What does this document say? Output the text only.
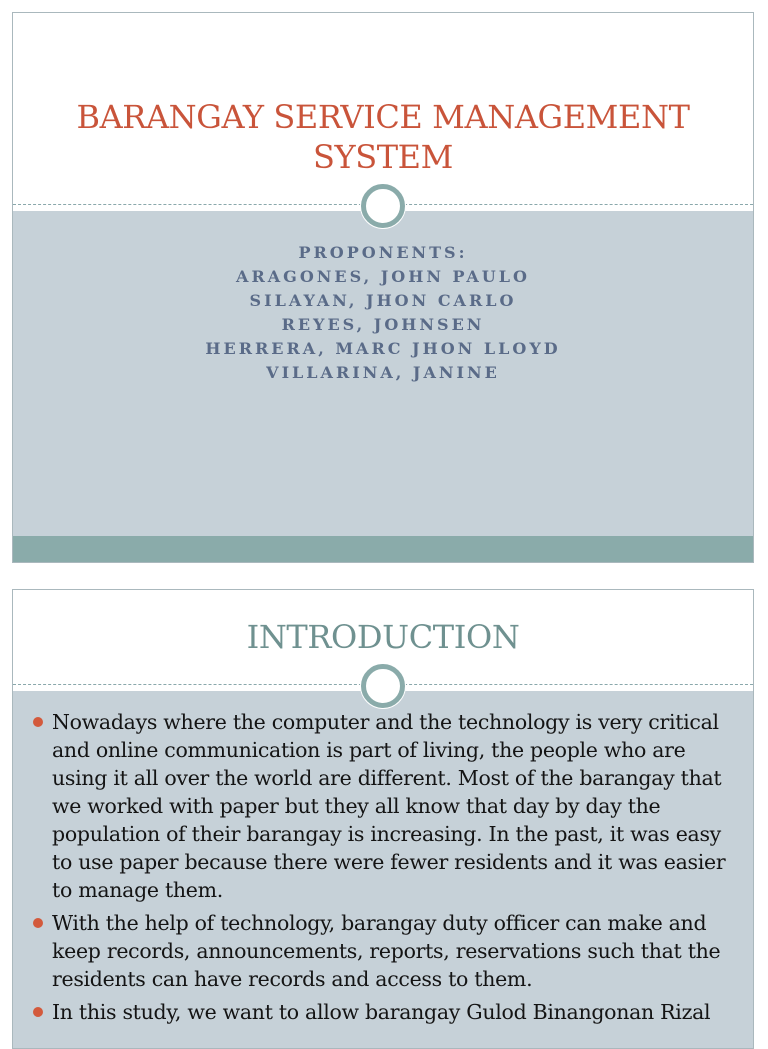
BARANGAY SERVICE MANAGEMENT
SYSTEM
PROPONENTS:
ARAGONES, JOHN PAULO
SILAYAN, JHON CARLO
REYES, JOHNSEN
HERRERA, MARC JHON LLOYD
VILLARINA, JANINE
INTRODUCTION
Nowadays where the computer and the technology is very critical and online communication is part of living, the people who are using it all over the world are different. Most of the barangay that we worked with paper but they all know that day by day the population of their barangay is increasing. In the past, it was easy to use paper because there were fewer residents and it was easier to manage them.
With the help of technology, barangay duty officer can make and keep records, announcements, reports, reservations such that the residents can have records and access to them.
In this study, we want to allow barangay Gulod Binangonan Rizal
